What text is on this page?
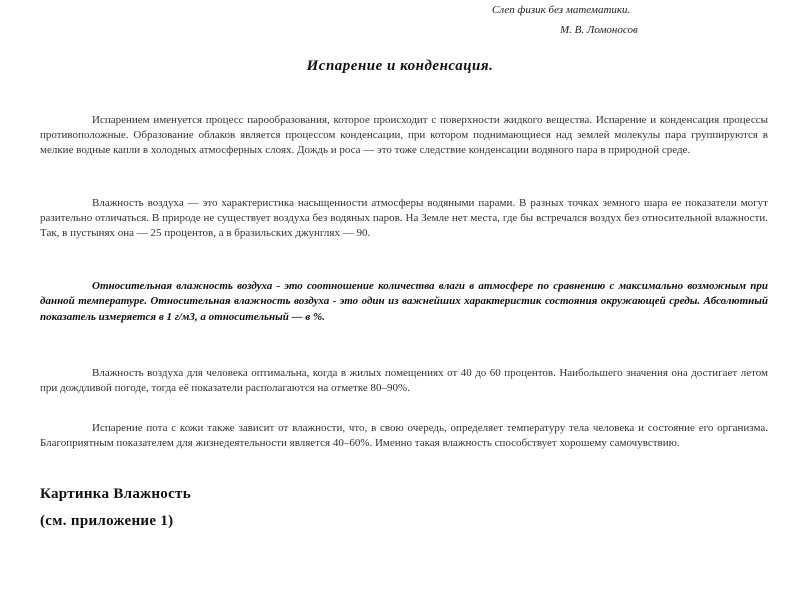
Слеп физик без математики.
М. В. Ломоносов
Испарение и конденсация.

Испарением именуется процесс парообразования, которое происходит с поверхности жидкого вещества. Испарение и конденсация процессы противоположные. Образование облаков является процессом конденсации, при котором поднимающиеся над землей молекулы пара группируются в мелкие водные капли в холодных атмосферных слоях. Дождь и роса — это тоже следствие конденсации водяного пара в природной среде.

Влажность воздуха — это характеристика насыщенности атмосферы водяными парами. В разных точках земного шара ее показатели могут разительно отличаться. В природе не существует воздуха без водяных паров. На Земле нет места, где бы встречался воздух без относительной влажности. Так, в пустынях она — 25 процентов, а в бразильских джунглях — 90.

Относительная влажность воздуха - это соотношение количества влаги в атмосфере по сравнению с максимально возможным при данной температуре. Относительная влажность воздуха - это один из важнейших характеристик состояния окружающей среды. Абсолютный показатель измеряется в 1 г/м3, а относительный — в %.

Влажность воздуха для человека оптимальна, когда в жилых помещениях от 40 до 60 процентов. Наибольшего значения она достигает летом при дождливой погоде, тогда её показатели располагаются на отметке 80–90%.

Испарение пота с кожи также зависит от влажности, что, в свою очередь, определяет температуру тела человека и состояние его организма. Благоприятным показателем для жизнедеятельности является 40–60%. Именно такая влажность способствует хорошему самочувствию.

Картинка Влажность
(см. приложение 1)
